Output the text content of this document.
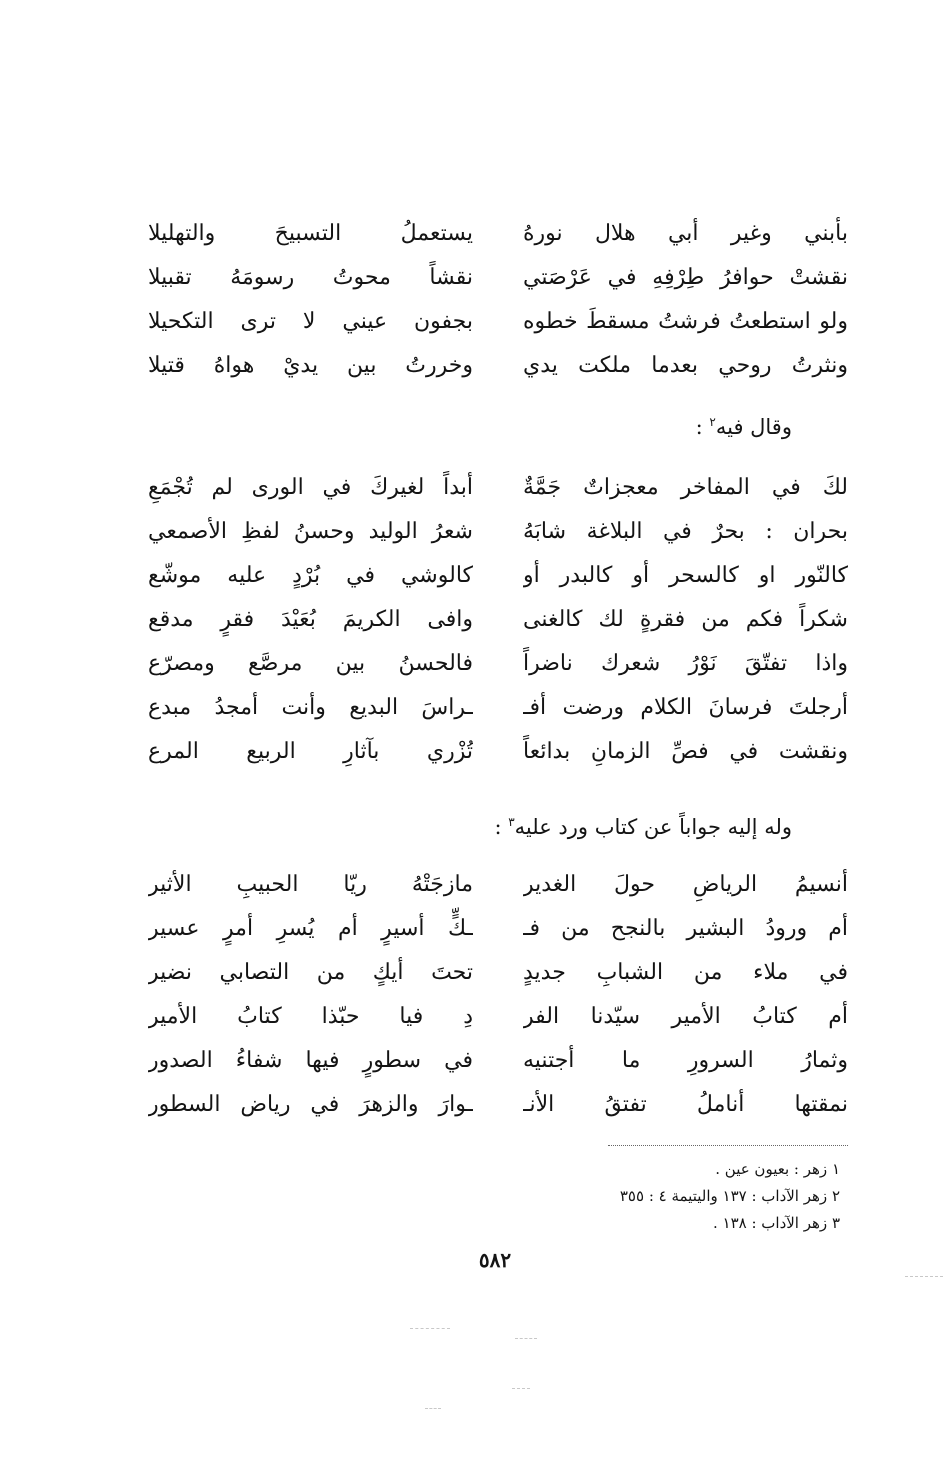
بأبني وغير أبي هلال نورهُ
يستعملُ التسبيحَ والتهليلا
نقشتْ حوافرُ طِرْفِهِ في عَرْصَتي
نقشاً محوتُ رسومَهُ تقبيلا
ولو استطعتُ فرشتُ مسقطَ خطوه
بجفون عيني لا ترى التكحيلا
ونثرتُ روحي بعدما ملكت يدي
وخررتُ بين يديْ هواهُ قتيلا
وقال فيه$^٢$ :
لكَ في المفاخر معجزاتٌ جَمَّةٌ
أبداً لغيركَ في الورى لم تُجْمَعِ
بحران : بحرٌ في البلاغة شابَهُ
شعرُ الوليد وحسنُ لفظِ الأصمعي
كالنّور او كالسحر أو كالبدر أو
كالوشي في بُرْدٍ عليه موشّع
شكراً فكم من فقرةٍ لك كالغنى
وافى الكريمَ بُعَيْدَ فقرٍ مدقع
واذا تفتّقَ نَوْرُ شعرك ناضراً
فالحسنُ بين مرصَّع ومصرّع
أرجلتَ فرسانَ الكلام ورضت أفـ
ـراسَ البديع وأنت أمجدُ مبدع
ونقشت في فصِّ الزمانِ بدائعاً
تُزْري بآثارِ الربيع المرع
وله إليه جواباً عن كتاب ورد عليه$^٣$ :
أنسيمُ الرياضِ حولَ الغدير
مازجَتْهُ ريّا الحبيبِ الأثير
أم ورودُ البشير بالنجح من فـ
ـكٍّ أسيرٍ أم يُسرِ أمرٍ عسير
في ملاء من الشبابِ جديدٍ
تحتَ أيكٍ من التصابي نضير
أم كتابُ الأمير سيّدنا الفر
دِ فيا حبّذا كتابُ الأمير
وثمارُ السرورِ ما أجتنيه
في سطورٍ فيها شفاءُ الصدور
نمقتها أناملُ تفتقُ الأنـ
ـوارَ والزهرَ في رياض السطور
١ زهر : بعيون عين .
٢ زهر الآداب : ١٣٧ واليتيمة ٤ : ٣٥٥
٣ زهر الآداب : ١٣٨ .
٥٨٢
